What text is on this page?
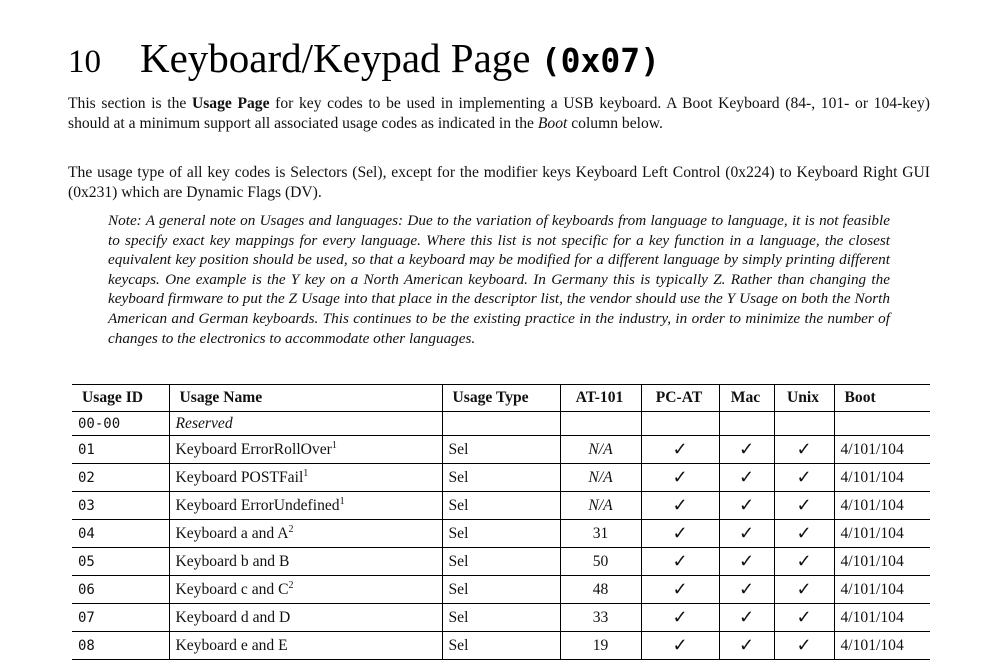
10 Keyboard/Keypad Page (0x07)

This section is the Usage Page for key codes to be used in implementing a USB keyboard. A Boot Keyboard (84-, 101- or 104-key) should at a minimum support all associated usage codes as indicated in the Boot column below.

The usage type of all key codes is Selectors (Sel), except for the modifier keys Keyboard Left Control (0x224) to Keyboard Right GUI (0x231) which are Dynamic Flags (DV).

Note: A general note on Usages and languages: Due to the variation of keyboards from language to language, it is not feasible to specify exact key mappings for every language. Where this list is not specific for a key function in a language, the closest equivalent key position should be used, so that a keyboard may be modified for a different language by simply printing different keycaps. One example is the Y key on a North American keyboard. In Germany this is typically Z. Rather than changing the keyboard firmware to put the Z Usage into that place in the descriptor list, the vendor should use the Y Usage on both the North American and German keyboards. This continues to be the existing practice in the industry, in order to minimize the number of changes to the electronics to accommodate other languages.

Usage ID	Usage Name	Usage Type	AT-101	PC-AT	Mac	Unix	Boot
00-00	Reserved						
01	Keyboard ErrorRollOver$^1$	Sel	N/A	✓	✓	✓	4/101/104
02	Keyboard POSTFail$^1$	Sel	N/A	✓	✓	✓	4/101/104
03	Keyboard ErrorUndefined$^1$	Sel	N/A	✓	✓	✓	4/101/104
04	Keyboard a and $A^2$	Sel	31	✓	✓	✓	4/101/104
05	Keyboard b and B	Sel	50	✓	✓	✓	4/101/104
06	Keyboard c and $C^2$	Sel	48	✓	✓	✓	4/101/104
07	Keyboard d and D	Sel	33	✓	✓	✓	4/101/104
08	Keyboard e and E	Sel	19	✓	✓	✓	4/101/104
